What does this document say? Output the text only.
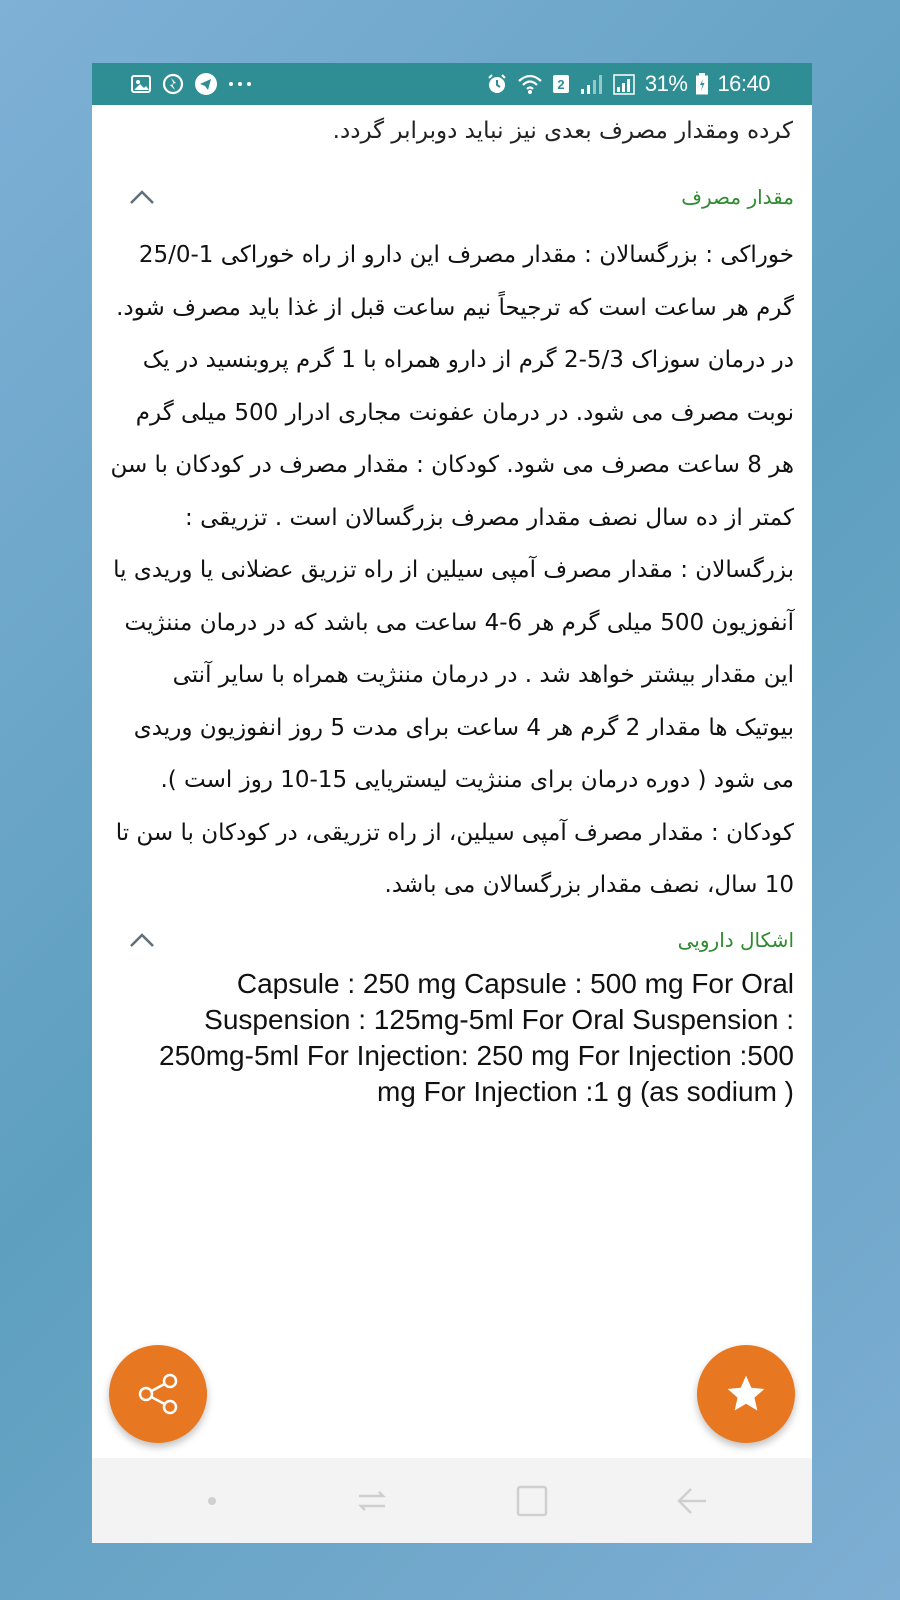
2	31% 16:40

کرده ومقدار مصرف بعدی نیز نباید دوبرابر گردد.

مقدار مصرف

خوراکی : بزرگسالان : مقدار مصرف این دارو از راه خوراکی 1-25/0 گرم هر ساعت است که ترجیحاً نیم ساعت قبل از غذا باید مصرف شود. در درمان سوزاک 5/3-2 گرم از دارو همراه با 1 گرم پروبنسید در یک نوبت مصرف می شود. در درمان عفونت مجاری ادرار 500 میلی گرم هر 8 ساعت مصرف می شود. کودکان : مقدار مصرف در کودکان با سن کمتر از ده سال نصف مقدار مصرف بزرگسالان است . تزریقی : بزرگسالان : مقدار مصرف آمپی سیلین از راه تزریق عضلانی یا وریدی یا آنفوزیون 500 میلی گرم هر 6-4 ساعت می باشد که در درمان مننژیت این مقدار بیشتر خواهد شد . در درمان مننژیت همراه با سایر آنتی بیوتیک ها مقدار 2 گرم هر 4 ساعت برای مدت 5 روز انفوزیون وریدی می شود ( دوره درمان برای مننژیت لیستریایی 15-10 روز است ). کودکان : مقدار مصرف آمپی سیلین، از راه تزریقی، در کودکان با سن تا 10 سال، نصف مقدار بزرگسالان می باشد.

اشکال دارویی

Capsule : 250 mg Capsule : 500 mg For Oral Suspension : 125mg-5ml For Oral Suspension : 250mg-5ml For Injection: 250 mg For Injection :500 mg For Injection :1 g (as sodium )
